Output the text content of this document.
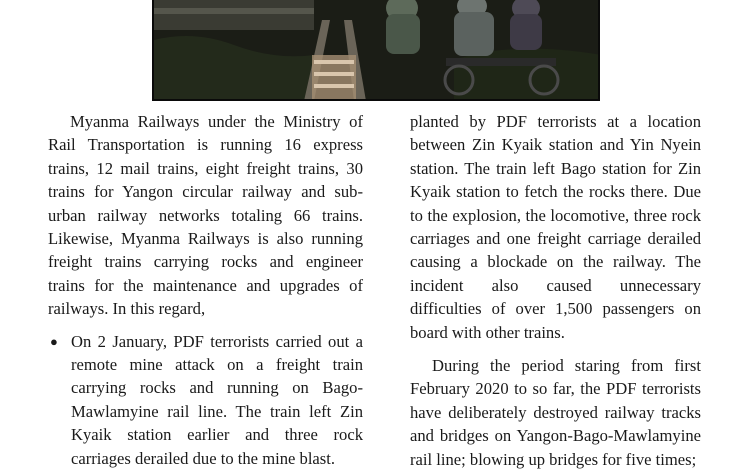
Myanma Railways under the Ministry of Rail Transportation is running 16 express trains, 12 mail trains, eight freight trains, 30 trains for Yangon circular railway and sub-urban railway networks totaling 66 trains. Likewise, Myanma Railways is also running freight trains carrying rocks and engineer trains for the maintenance and upgrades of railways. In this regard,

● On 2 January, PDF terrorists carried out a remote mine attack on a freight train carrying rocks and running on Bago-Mawlamyine rail line. The train left Zin Kyaik station earlier and three rock carriages derailed due to the mine blast.

planted by PDF terrorists at a location between Zin Kyaik station and Yin Nyein station. The train left Bago station for Zin Kyaik station to fetch the rocks there. Due to the explosion, the locomotive, three rock carriages and one freight carriage derailed causing a blockade on the railway. The incident also caused unnecessary difficulties of over 1,500 passengers on board with other trains.

During the period staring from first February 2020 to so far, the PDF terrorists have deliberately destroyed railway tracks and bridges on Yangon-Bago-Mawlamyine rail line; blowing up bridges for five times;
